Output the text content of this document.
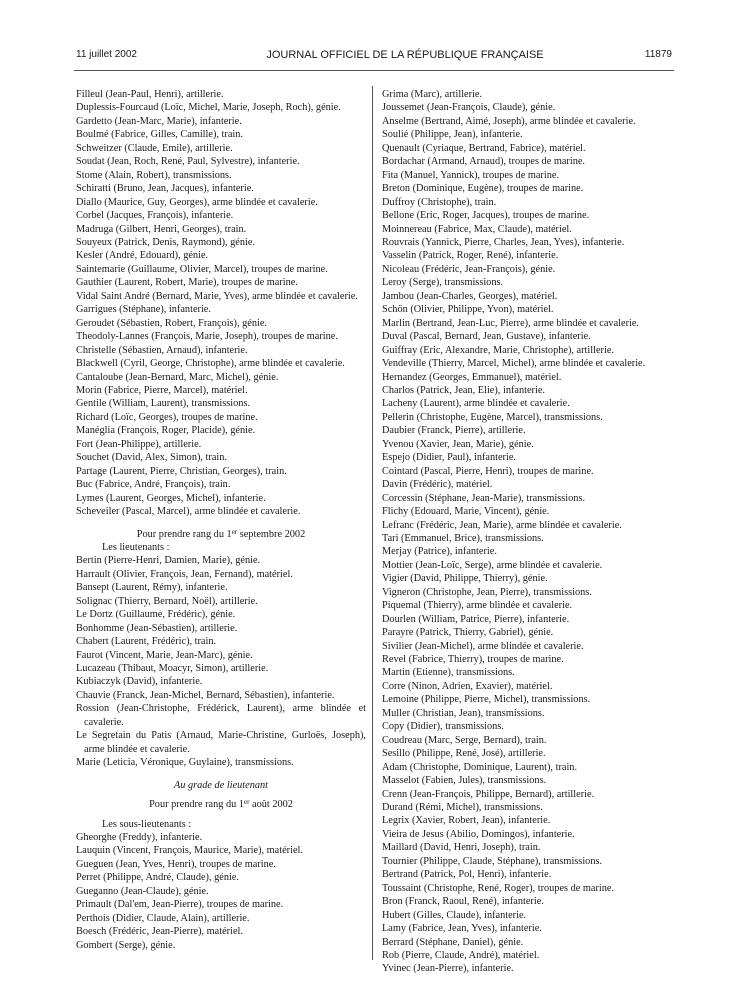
11 juillet 2002	JOURNAL OFFICIEL DE LA RÉPUBLIQUE FRANÇAISE	11879
Filleul (Jean-Paul, Henri), artillerie.
Duplessis-Fourcaud (Loïc, Michel, Marie, Joseph, Roch), génie.
Gardetto (Jean-Marc, Marie), infanterie.
Boulmé (Fabrice, Gilles, Camille), train.
Schweitzer (Claude, Emile), artillerie.
Soudat (Jean, Roch, René, Paul, Sylvestre), infanterie.
Stome (Alain, Robert), transmissions.
Schiratti (Bruno, Jean, Jacques), infanterie.
Diallo (Maurice, Guy, Georges), arme blindée et cavalerie.
Corbel (Jacques, François), infanterie.
Madruga (Gilbert, Henri, Georges), train.
Souyeux (Patrick, Denis, Raymond), génie.
Kesler (André, Edouard), génie.
Saintemarie (Guillaume, Olivier, Marcel), troupes de marine.
Gauthier (Laurent, Robert, Marie), troupes de marine.
Vidal Saint André (Bernard, Marie, Yves), arme blindée et cavalerie.
Garrigues (Stéphane), infanterie.
Geroudet (Sébastien, Robert, François), génie.
Theodoly-Lannes (François, Marie, Joseph), troupes de marine.
Christelle (Sébastien, Arnaud), infanterie.
Blackwell (Cyril, George, Christophe), arme blindée et cavalerie.
Cantaloube (Jean-Bernard, Marc, Michel), génie.
Morin (Fabrice, Pierre, Marcel), matériel.
Gentile (William, Laurent), transmissions.
Richard (Loïc, Georges), troupes de marine.
Manéglia (François, Roger, Placide), génie.
Fort (Jean-Philippe), artillerie.
Souchet (David, Alex, Simon), train.
Partage (Laurent, Pierre, Christian, Georges), train.
Buc (Fabrice, André, François), train.
Lymes (Laurent, Georges, Michel), infanterie.
Scheveiler (Pascal, Marcel), arme blindée et cavalerie.
Pour prendre rang du 1er septembre 2002
Les lieutenants :
Bertin (Pierre-Henri, Damien, Marie), génie.
Harrault (Olivier, François, Jean, Fernand), matériel.
Bansept (Laurent, Rémy), infanterie.
Solignac (Thierry, Bernard, Noël), artillerie.
Le Dortz (Guillaume, Frédéric), génie.
Bonhomme (Jean-Sébastien), artillerie.
Chabert (Laurent, Frédéric), train.
Faurot (Vincent, Marie, Jean-Marc), génie.
Lucazeau (Thibaut, Moacyr, Simon), artillerie.
Kubiaczyk (David), infanterie.
Chauvie (Franck, Jean-Michel, Bernard, Sébastien), infanterie.
Rossion (Jean-Christophe, Frédérick, Laurent), arme blindée et cavalerie.
Le Segretain du Patis (Arnaud, Marie-Christine, Gurloës, Joseph), arme blindée et cavalerie.
Marie (Leticia, Véronique, Guylaine), transmissions.
Au grade de lieutenant
Pour prendre rang du 1er août 2002
Les sous-lieutenants :
Gheorghe (Freddy), infanterie.
Lauquin (Vincent, François, Maurice, Marie), matériel.
Gueguen (Jean, Yves, Henri), troupes de marine.
Perret (Philippe, André, Claude), génie.
Gueganno (Jean-Claude), génie.
Primault (Dal'em, Jean-Pierre), troupes de marine.
Perthois (Didier, Claude, Alain), artillerie.
Boesch (Frédéric, Jean-Pierre), matériel.
Gombert (Serge), génie.
Grima (Marc), artillerie.
Joussemet (Jean-François, Claude), génie.
Anselme (Bertrand, Aimé, Joseph), arme blindée et cavalerie.
Soulié (Philippe, Jean), infanterie.
Quenault (Cyriaque, Bertrand, Fabrice), matériel.
Bordachar (Armand, Arnaud), troupes de marine.
Fita (Manuel, Yannick), troupes de marine.
Breton (Dominique, Eugène), troupes de marine.
Duffroy (Christophe), train.
Bellone (Eric, Roger, Jacques), troupes de marine.
Moinnereau (Fabrice, Max, Claude), matériel.
Rouvrais (Yannick, Pierre, Charles, Jean, Yves), infanterie.
Vasselin (Patrick, Roger, René), infanterie.
Nicoleau (Frédéric, Jean-François), génie.
Leroy (Serge), transmissions.
Jambou (Jean-Charles, Georges), matériel.
Schön (Olivier, Philippe, Yvon), matériel.
Marlin (Bertrand, Jean-Luc, Pierre), arme blindée et cavalerie.
Duval (Pascal, Bernard, Jean, Gustave), infanterie.
Guiffray (Eric, Alexandre, Marie, Christophe), artillerie.
Vendeville (Thierry, Marcel, Michel), arme blindée et cavalerie.
Hernandez (Georges, Emmanuel), matériel.
Charlos (Patrick, Jean, Elie), infanterie.
Lacheny (Laurent), arme blindée et cavalerie.
Pellerin (Christophe, Eugène, Marcel), transmissions.
Daubier (Franck, Pierre), artillerie.
Yvenou (Xavier, Jean, Marie), génie.
Espejo (Didier, Paul), infanterie.
Cointard (Pascal, Pierre, Henri), troupes de marine.
Davin (Frédéric), matériel.
Corcessin (Stéphane, Jean-Marie), transmissions.
Flichy (Edouard, Marie, Vincent), génie.
Lefranc (Frédéric, Jean, Marie), arme blindée et cavalerie.
Tari (Emmanuel, Brice), transmissions.
Merjay (Patrice), infanterie.
Mottier (Jean-Loïc, Serge), arme blindée et cavalerie.
Vigier (David, Philippe, Thierry), génie.
Vigneron (Christophe, Jean, Pierre), transmissions.
Piquemal (Thierry), arme blindée et cavalerie.
Dourlen (William, Patrice, Pierre), infanterie.
Parayre (Patrick, Thierry, Gabriel), génie.
Sivilier (Jean-Michel), arme blindée et cavalerie.
Revel (Fabrice, Thierry), troupes de marine.
Martin (Etienne), transmissions.
Corre (Ninon, Adrien, Exavier), matériel.
Lemoine (Philippe, Pierre, Michel), transmissions.
Muller (Christian, Jean), transmissions.
Copy (Didier), transmissions.
Coudreau (Marc, Serge, Bernard), train.
Sesillo (Philippe, René, José), artillerie.
Adam (Christophe, Dominique, Laurent), train.
Masselot (Fabien, Jules), transmissions.
Crenn (Jean-François, Philippe, Bernard), artillerie.
Durand (Rémi, Michel), transmissions.
Legrix (Xavier, Robert, Jean), infanterie.
Vieira de Jesus (Abilio, Domingos), infanterie.
Maillard (David, Henri, Joseph), train.
Tournier (Philippe, Claude, Stéphane), transmissions.
Bertrand (Patrick, Pol, Henri), infanterie.
Toussaint (Christophe, René, Roger), troupes de marine.
Bron (Franck, Raoul, René), infanterie.
Hubert (Gilles, Claude), infanterie.
Lamy (Fabrice, Jean, Yves), infanterie.
Berrard (Stéphane, Daniel), génie.
Rob (Pierre, Claude, André), matériel.
Yvinec (Jean-Pierre), infanterie.
